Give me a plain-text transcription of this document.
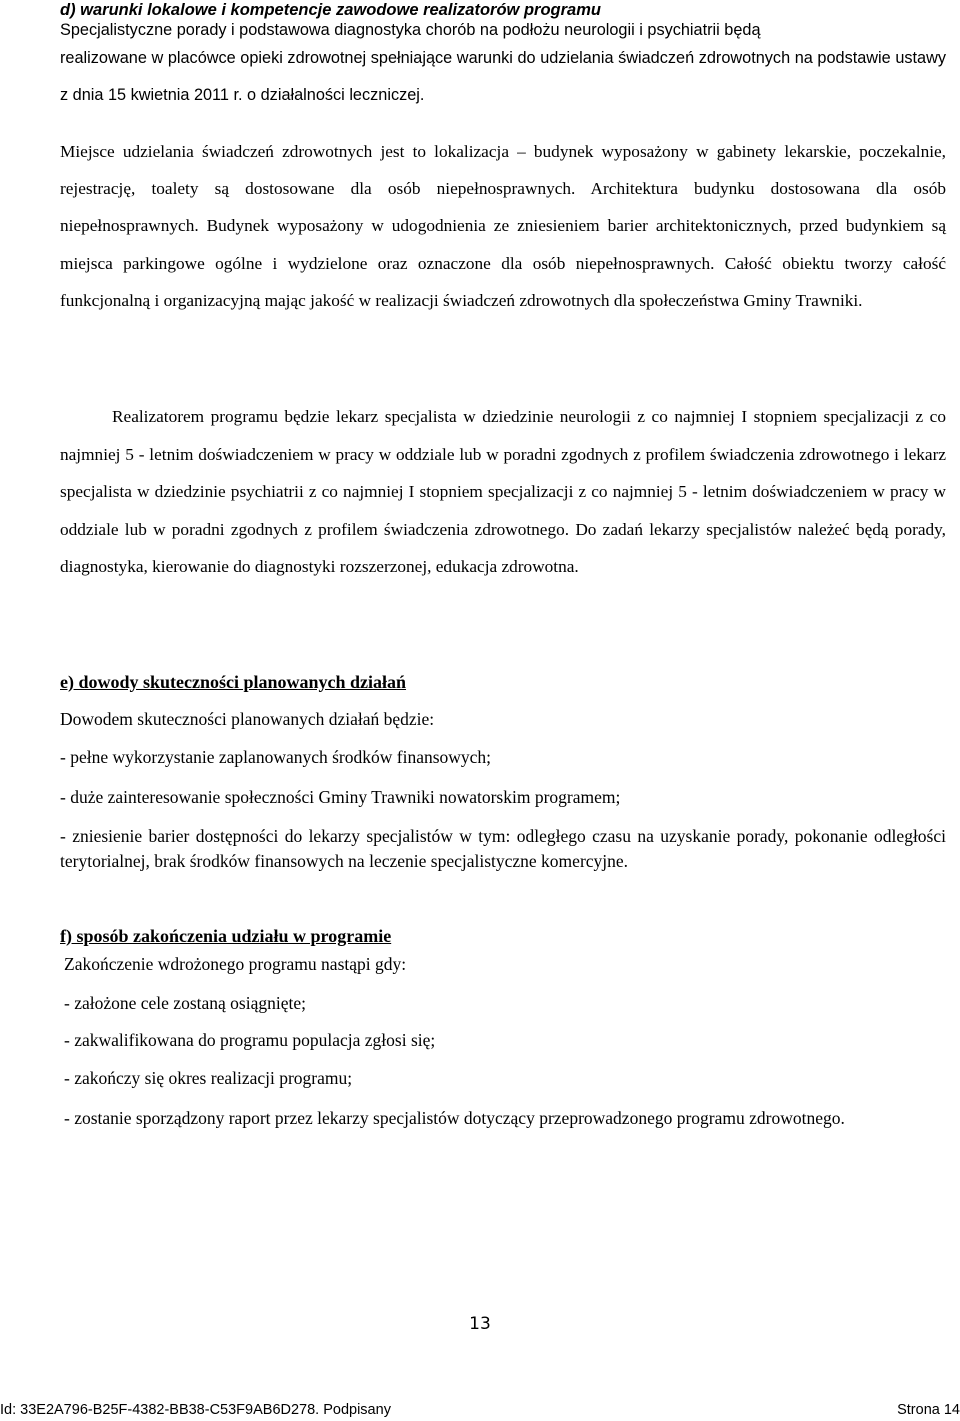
d) warunki lokalowe i kompetencje zawodowe realizatorów programu
Specjalistyczne porady i podstawowa diagnostyka chorób na podłożu neurologii i psychiatrii będą
realizowane w placówce opieki zdrowotnej spełniające warunki do udzielania świadczeń zdrowotnych na podstawie ustawy z dnia 15 kwietnia 2011 r. o działalności leczniczej.
Miejsce udzielania świadczeń zdrowotnych jest to lokalizacja – budynek wyposażony w gabinety lekarskie, poczekalnie, rejestrację, toalety są dostosowane dla osób niepełnosprawnych. Architektura budynku dostosowana dla osób niepełnosprawnych. Budynek wyposażony w udogodnienia ze zniesieniem barier architektonicznych, przed budynkiem są miejsca parkingowe ogólne i wydzielone oraz oznaczone dla osób niepełnosprawnych. Całość obiektu tworzy całość funkcjonalną i organizacyjną mając jakość w realizacji świadczeń zdrowotnych dla społeczeństwa Gminy Trawniki.
Realizatorem programu będzie lekarz specjalista w dziedzinie neurologii z co najmniej I stopniem specjalizacji z co najmniej 5 - letnim doświadczeniem w pracy w oddziale lub w poradni zgodnych z profilem świadczenia zdrowotnego i lekarz specjalista w dziedzinie psychiatrii z co najmniej I stopniem specjalizacji z co najmniej 5 - letnim doświadczeniem w pracy w oddziale lub w poradni zgodnych z profilem świadczenia zdrowotnego. Do zadań lekarzy specjalistów należeć będą porady, diagnostyka, kierowanie do diagnostyki rozszerzonej, edukacja zdrowotna.
e) dowody skuteczności planowanych działań
Dowodem skuteczności planowanych działań będzie:
- pełne wykorzystanie zaplanowanych środków finansowych;
- duże zainteresowanie społeczności Gminy Trawniki nowatorskim programem;
- zniesienie barier dostępności do lekarzy specjalistów w tym: odległego czasu na uzyskanie porady, pokonanie odległości terytorialnej, brak środków finansowych na leczenie specjalistyczne komercyjne.
f) sposób zakończenia udziału w programie
Zakończenie wdrożonego programu nastąpi gdy:
- założone cele zostaną osiągnięte;
- zakwalifikowana do programu populacja zgłosi się;
- zakończy się okres realizacji programu;
- zostanie sporządzony raport przez lekarzy specjalistów dotyczący przeprowadzonego programu zdrowotnego.
13
Id: 33E2A796-B25F-4382-BB38-C53F9AB6D278. Podpisany	Strona 14
